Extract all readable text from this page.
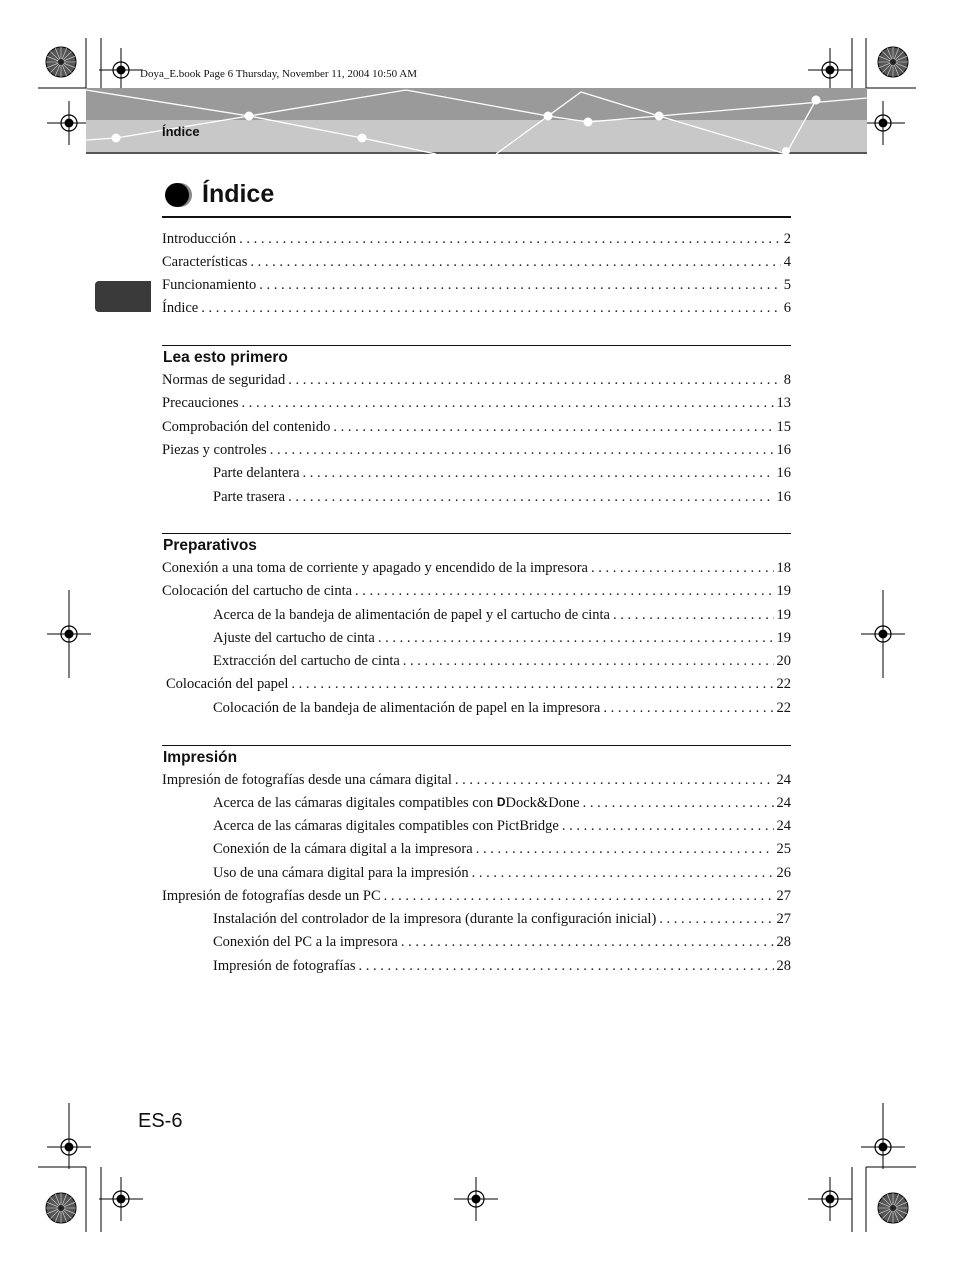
Doya_E.book Page 6 Thursday, November 11, 2004 10:50 AM
Índice
Índice
Introducción . . .	2
Características . . .	4
Funcionamiento . . .	5
Índice . . .	6
Lea esto primero
Normas de seguridad . . .	8
Precauciones . . .	13
Comprobación del contenido . . .	15
Piezas y controles . . .	16
Parte delantera . . .	16
Parte trasera . . .	16
Preparativos
Conexión a una toma de corriente y apagado y encendido de la impresora . . .	18
Colocación del cartucho de cinta . . .	19
Acerca de la bandeja de alimentación de papel y el cartucho de cinta . . .	19
Ajuste del cartucho de cinta . . .	19
Extracción del cartucho de cinta . . .	20
Colocación del papel . . .	22
Colocación de la bandeja de alimentación de papel en la impresora . . .	22
Impresión
Impresión de fotografías desde una cámara digital . . .	24
Acerca de las cámaras digitales compatibles con DDock&Done . . .	24
Acerca de las cámaras digitales compatibles con PictBridge . . .	24
Conexión de la cámara digital a la impresora . . .	25
Uso de una cámara digital para la impresión . . .	26
Impresión de fotografías desde un PC . . .	27
Instalación del controlador de la impresora (durante la configuración inicial) . . .	27
Conexión del PC a la impresora . . .	28
Impresión de fotografías . . .	28
ES-6
